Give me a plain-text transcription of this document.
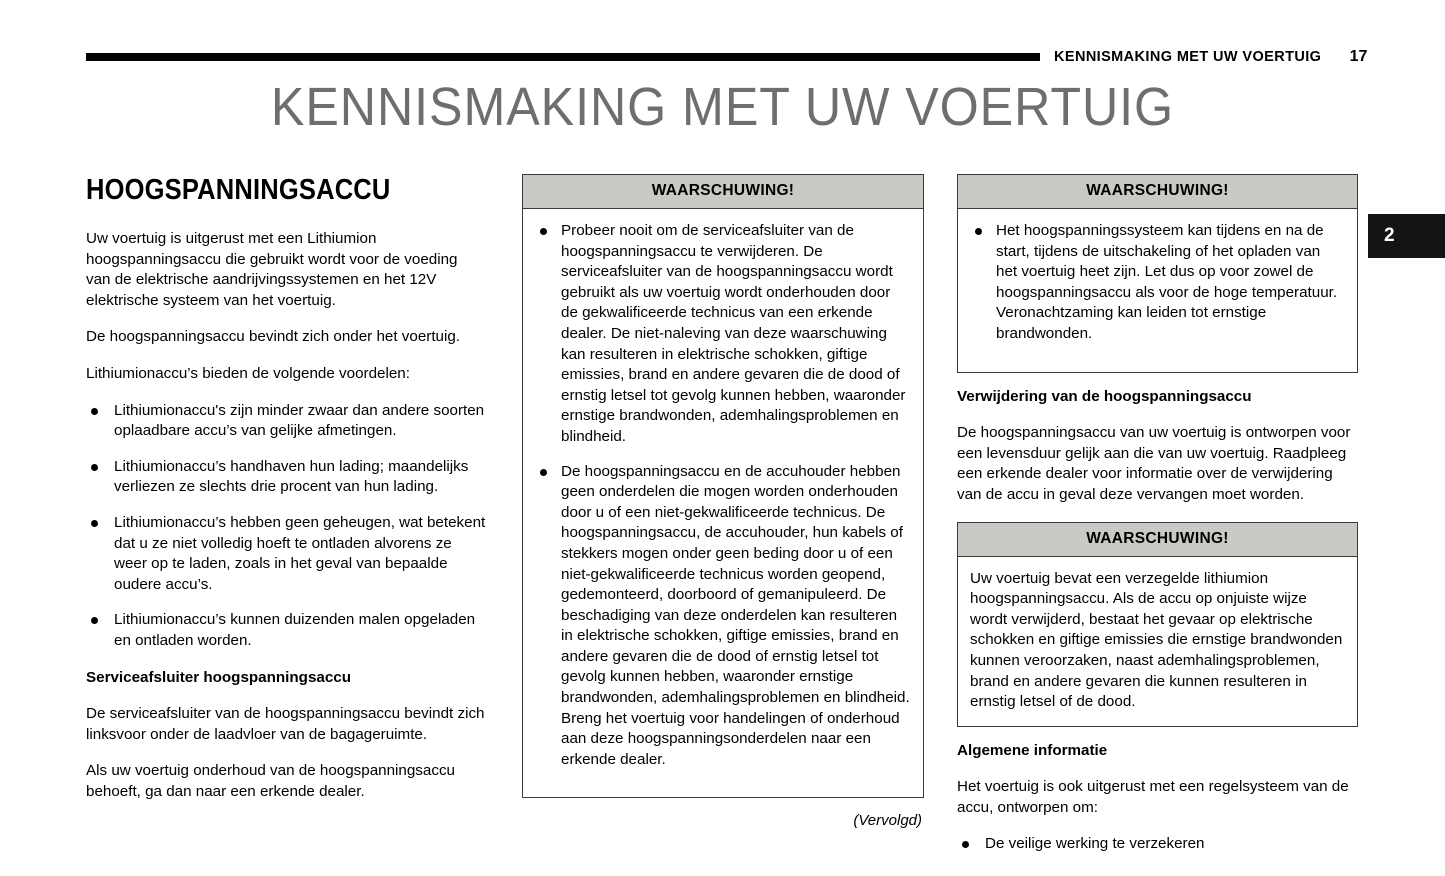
KENNISMAKING MET UW VOERTUIG	17
KENNISMAKING MET UW VOERTUIG
2
HOOGSPANNINGSACCU

Uw voertuig is uitgerust met een Lithiumion hoogspanningsaccu die gebruikt wordt voor de voeding van de elektrische aandrijvingssystemen en het 12V elektrische systeem van het voertuig.

De hoogspanningsaccu bevindt zich onder het voertuig.

Lithiumionaccu’s bieden de volgende voordelen:

Lithiumionaccu's zijn minder zwaar dan andere soorten oplaadbare accu’s van gelijke afmetingen.
Lithiumionaccu’s handhaven hun lading; maandelijks verliezen ze slechts drie procent van hun lading.
Lithiumionaccu’s hebben geen geheugen, wat betekent dat u ze niet volledig hoeft te ontladen alvorens ze weer op te laden, zoals in het geval van bepaalde oudere accu’s.
Lithiumionaccu’s kunnen duizenden malen opgeladen en ontladen worden.
Serviceafsluiter hoogspanningsaccu

De serviceafsluiter van de hoogspanningsaccu bevindt zich linksvoor onder de laadvloer van de bagageruimte.

Als uw voertuig onderhoud van de hoogspanningsaccu behoeft, ga dan naar een erkende dealer.

WAARSCHUWING!
Probeer nooit om de serviceafsluiter van de hoogspanningsaccu te verwijderen. De serviceafsluiter van de hoogspanningsaccu wordt gebruikt als uw voertuig wordt onderhouden door de gekwalificeerde technicus van een erkende dealer. De niet-naleving van deze waarschuwing kan resulteren in elektrische schokken, giftige emissies, brand en andere gevaren die de dood of ernstig letsel tot gevolg kunnen hebben, waaronder ernstige brandwonden, ademhalingsproblemen en blindheid.
De hoogspanningsaccu en de accuhouder hebben geen onderdelen die mogen worden onderhouden door u of een niet-gekwalificeerde technicus. De hoogspanningsaccu, de accuhouder, hun kabels of stekkers mogen onder geen beding door u of een niet-gekwalificeerde technicus worden geopend, gedemonteerd, doorboord of gemanipuleerd. De beschadiging van deze onderdelen kan resulteren in elektrische schokken, giftige emissies, brand en andere gevaren die de dood of ernstig letsel tot gevolg kunnen hebben, waaronder ernstige brandwonden, ademhalingsproblemen en blindheid. Breng het voertuig voor handelingen of onderhoud aan deze hoogspanningsonderdelen naar een erkende dealer.
(Vervolgd)
WAARSCHUWING!
Het hoogspanningssysteem kan tijdens en na de start, tijdens de uitschakeling of het opladen van het voertuig heet zijn. Let dus op voor zowel de hoogspanningsaccu als voor de hoge temperatuur. Veronachtzaming kan leiden tot ernstige brandwonden.
Verwijdering van de hoogspanningsaccu

De hoogspanningsaccu van uw voertuig is ontworpen voor een levensduur gelijk aan die van uw voertuig. Raadpleeg een erkende dealer voor informatie over de verwijdering van de accu in geval deze vervangen moet worden.

WAARSCHUWING!

Uw voertuig bevat een verzegelde lithiumion hoogspanningsaccu. Als de accu op onjuiste wijze wordt verwijderd, bestaat het gevaar op elektrische schokken en giftige emissies die ernstige brandwonden kunnen veroorzaken, naast ademhalingsproblemen, brand en andere gevaren die kunnen resulteren in ernstig letsel of de dood.

Algemene informatie

Het voertuig is ook uitgerust met een regelsysteem van de accu, ontworpen om:

De veilige werking te verzekeren
